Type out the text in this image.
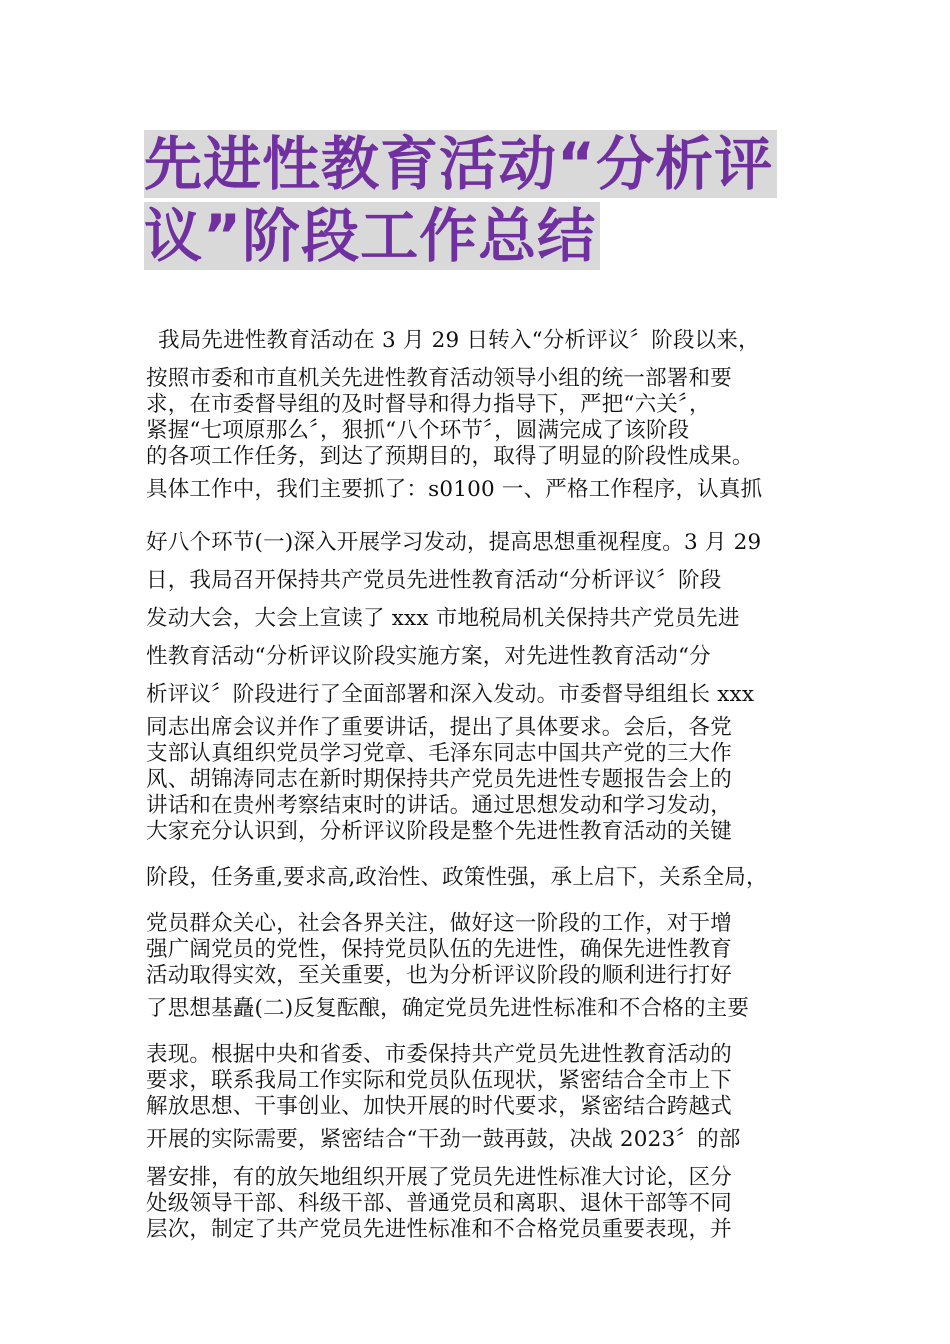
先进性教育活动“分析评
议”阶段工作总结
我局先进性教育活动在 3 月 29 日转入“分析评议〞阶段以来，
按照市委和市直机关先进性教育活动领导小组的统一部署和要
求，在市委督导组的及时督导和得力指导下，严把“六关〞，
紧握“七项原那么〞，狠抓“八个环节〞，圆满完成了该阶段
的各项工作任务，到达了预期目的，取得了明显的阶段性成果。
具体工作中，我们主要抓了：s0100 一、严格工作程序，认真抓
好八个环节(一)深入开展学习发动，提高思想重视程度。3 月 29
日，我局召开保持共产党员先进性教育活动“分析评议〞阶段
发动大会，大会上宣读了 xxx 市地税局机关保持共产党员先进
性教育活动“分析评议阶段实施方案，对先进性教育活动“分
析评议〞阶段进行了全面部署和深入发动。市委督导组组长 xxx
同志出席会议并作了重要讲话，提出了具体要求。会后，各党
支部认真组织党员学习党章、毛泽东同志中国共产党的三大作
风、胡锦涛同志在新时期保持共产党员先进性专题报告会上的
讲话和在贵州考察结束时的讲话。通过思想发动和学习发动，
大家充分认识到，分析评议阶段是整个先进性教育活动的关键
阶段，任务重,要求高,政治性、政策性强，承上启下，关系全局，
党员群众关心，社会各界关注，做好这一阶段的工作，对于增
强广阔党员的党性，保持党员队伍的先进性，确保先进性教育
活动取得实效，至关重要，也为分析评议阶段的顺利进行打好
了思想基矗(二)反复酝酿，确定党员先进性标准和不合格的主要
表现。根据中央和省委、市委保持共产党员先进性教育活动的
要求，联系我局工作实际和党员队伍现状，紧密结合全市上下
解放思想、干事创业、加快开展的时代要求，紧密结合跨越式
开展的实际需要，紧密结合“干劲一鼓再鼓，决战 2023〞的部
署安排，有的放矢地组织开展了党员先进性标准大讨论，区分
处级领导干部、科级干部、普通党员和离职、退休干部等不同
层次，制定了共产党员先进性标准和不合格党员重要表现，并
